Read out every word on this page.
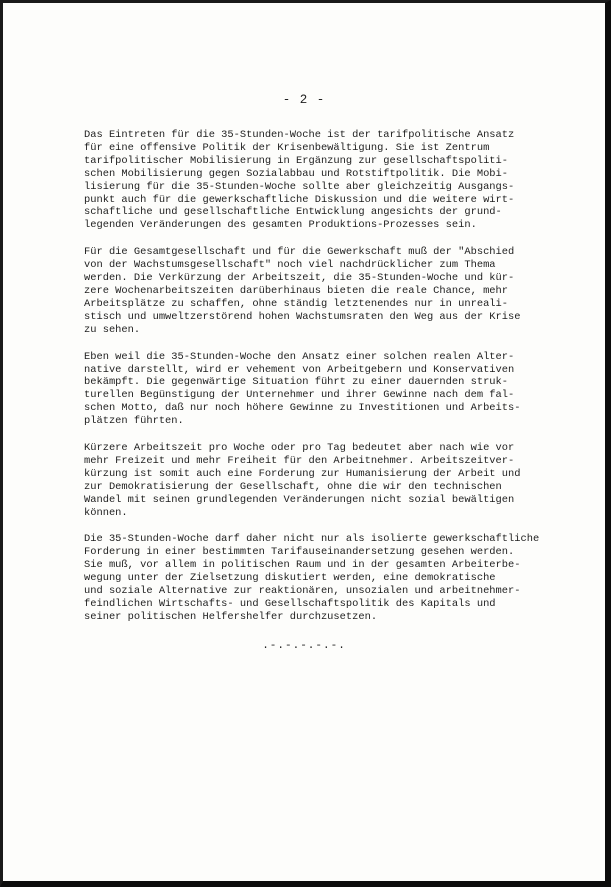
- 2 -

Das Eintreten für die 35-Stunden-Woche ist der tarifpolitische Ansatz
für eine offensive Politik der Krisenbewältigung. Sie ist Zentrum
tarifpolitischer Mobilisierung in Ergänzung zur gesellschaftspoliti-
schen Mobilisierung gegen Sozialabbau und Rotstiftpolitik. Die Mobi-
lisierung für die 35-Stunden-Woche sollte aber gleichzeitig Ausgangs-
punkt auch für die gewerkschaftliche Diskussion und die weitere wirt-
schaftliche und gesellschaftliche Entwicklung angesichts der grund-
legenden Veränderungen des gesamten Produktions-Prozesses sein.

Für die Gesamtgesellschaft und für die Gewerkschaft muß der "Abschied
von der Wachstumsgesellschaft" noch viel nachdrücklicher zum Thema
werden. Die Verkürzung der Arbeitszeit, die 35-Stunden-Woche und kür-
zere Wochenarbeitszeiten darüberhinaus bieten die reale Chance, mehr
Arbeitsplätze zu schaffen, ohne ständig letztenendes nur in unreali-
stisch und umweltzerstörend hohen Wachstumsraten den Weg aus der Krise
zu sehen.

Eben weil die 35-Stunden-Woche den Ansatz einer solchen realen Alter-
native darstellt, wird er vehement von Arbeitgebern und Konservativen
bekämpft. Die gegenwärtige Situation führt zu einer dauernden struk-
turellen Begünstigung der Unternehmer und ihrer Gewinne nach dem fal-
schen Motto, daß nur noch höhere Gewinne zu Investitionen und Arbeits-
plätzen führten.

Kürzere Arbeitszeit pro Woche oder pro Tag bedeutet aber nach wie vor
mehr Freizeit und mehr Freiheit für den Arbeitnehmer. Arbeitszeitver-
kürzung ist somit auch eine Forderung zur Humanisierung der Arbeit und
zur Demokratisierung der Gesellschaft, ohne die wir den technischen
Wandel mit seinen grundlegenden Veränderungen nicht sozial bewältigen
können.

Die 35-Stunden-Woche darf daher nicht nur als isolierte gewerkschaftliche
Forderung in einer bestimmten Tarifauseinandersetzung gesehen werden.
Sie muß, vor allem in politischen Raum und in der gesamten Arbeiterbe-
wegung unter der Zielsetzung diskutiert werden, eine demokratische
und soziale Alternative zur reaktionären, unsozialen und arbeitnehmer-
feindlichen Wirtschafts- und Gesellschaftspolitik des Kapitals und
seiner politischen Helfershelfer durchzusetzen.

.-.-.-.-.-.
